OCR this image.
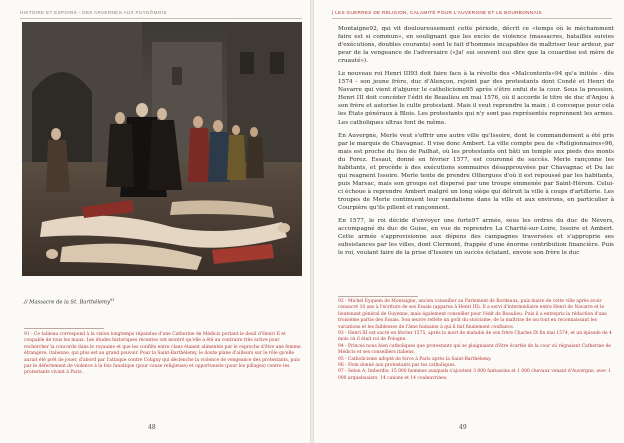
HISTOIRE ET ESPOIRS - DES ARVERNES AUX PUYDÔMOIS
// Massacre de la St. Barthélemy$^{91}$

91 - Ce tableau correspond à la vision longtemps répandue d'une Catherine de Médicis portant le deuil d'Henri II et coupable de tous les maux. Les études historiques récentes ont montré qu'elle a été au contraire très active pour rechercher la concorde dans le royaume et que les conflits entre clans étaient alimentés par le reproche d'être une femme, étrangère, italienne, qui plus est au grand pouvoir. Pour la Saint-Barthélemy, le doute plane d'ailleurs sur le rôle qu'elle aurait été prêt de jouer, d'abord par l'attaque contre Coligny qui déclenche la violence de vengeance des protestants, puis par le déferlement de violence à la fois fanatique (pour cause religieuse) et opportuniste (pour les pillages) contre les protestants vivant à Paris.

48
| LES GUERRES DE RELIGION, CALAMITÉ POUR L'AUVERGNE ET LE BOURBONNAIS

Montaigne92, qui vit douloureusement cette période, décrit ce «temps où le méchamment faire est si commun», en soulignant que les excès de violence (massacres, batailles suivies d'exécutions, doubles courants) sont le fait d'hommes incapables de maîtriser leur ardeur, par peur de la vengeance de l'adversaire («Ja! sui souvent oui dire que la couardise est mère de cruauté»).

Le nouveau roi Henri III93 doit faire face à la révolte des «Malcontents»94 qu'a initiée - dès 1574 - son jeune frère, duc d'Alençon, rejoint par des protestants dont Condé et Henri de Navarre qui vient d'abjurer le catholicisme95 après s'être enfui de la cour. Sous la pression, Henri III doit concéder l'édit de Beaulieu en mai 1576, où il accorde le titre de duc d'Anjou à son frère et autorise le culte protestant. Mais il veut reprendre la main ; il convoque pour cela les États généraux à Blois. Les protestants qui n'y sont pas représentés reprennent les armes. Les catholiques ultras font de même.

En Auvergne, Merle veut s'offrir une autre ville qu'Issoire, dont le commandement a été pris par le marquis de Chavagnac. Il vise donc Ambert. La ville compte peu de «Religionnaires»96, mais est proche du lieu de Pailhat, où les protestants ont bâti un temple aux pieds des monts du Forez. Essaut, donné en février 1577, est couronné de succès. Merle rançonne les habitants, et procède à des exécutions sommaires désapprouvées par Chavagnac et Du lac qui reagnent Issoire. Merle tente de prendre Olliergues d'où il est repoussé par les habitants, puis Marsac, mais son groupe est dispersé par une troupe emmenée par Saint-Hérem. Celui-ci échoue à reprendre Ambert malgré un long siège qui détruit la ville à coups d'artillerie. Les troupes de Merle continuent leur vandalisme dans la ville et aux environs, en particulier à Courpière qu'ils pillent et rançonnent.

En 1577, le roi décide d'envoyer une forte97 armée, sous les ordres du duc de Nevers, accompagné du duc de Guise, en vue de reprendre La Charité-sur-Loire, Issoire et Ambert. Cette armée s'approvisionne aux dépens des campagnes traversées et s'approprie ses subsistances par les villes, dont Clermont, frappée d'une énorme contribution financière. Puis le roi, voulant faire de la prise d'Issoire un succès éclatant, envoie son frère le duc

92 - Michel Eyquem de Montaigne, ancien conseiller au Parlement de Bordeaux, puis maire de cette ville après avoir consacré 10 ans à l'écriture de ses Essais (apparus à Henri III). Il a servi d'intermédiaire entre Henri de Navarre et le lieutenant général de Guyenne, mais également conseiller pour l'édit de Beaulieu. Puis il a entrepris la rédaction d'une troisième partie des Essais. Son œuvre reflète un goût du stoïcisme, de la maîtrise de soi tout en reconnaissant les variations et les faiblesses de l'âme humaine à qui il fait finalement confiance.

93 - Henri III est sacré en février 1575, après la mort de maladie de son frère Charles IX fin mai 1574, et un épisode de 4 mois où il était roi de Pologne.

94 - Princes nous bien catholiques que protestants qui se plaignaient d'être écartés de la cour où régnaient Catherine de Médicis et ses conseillers italiens.

95 - Catholicisme adopté de force à Paris après la Saint-Barthélemy.

96 - Nom donné aux protestants par les catholiques.

97 - Selon A. Imberdis: 15 000 hommes auxquels s'ajoutent 3 000 fantassins et 1 000 chevaux venant d'Auvergne, avec 1 000 arquebusiers, 14 canons et 14 couleuvrines.

49
